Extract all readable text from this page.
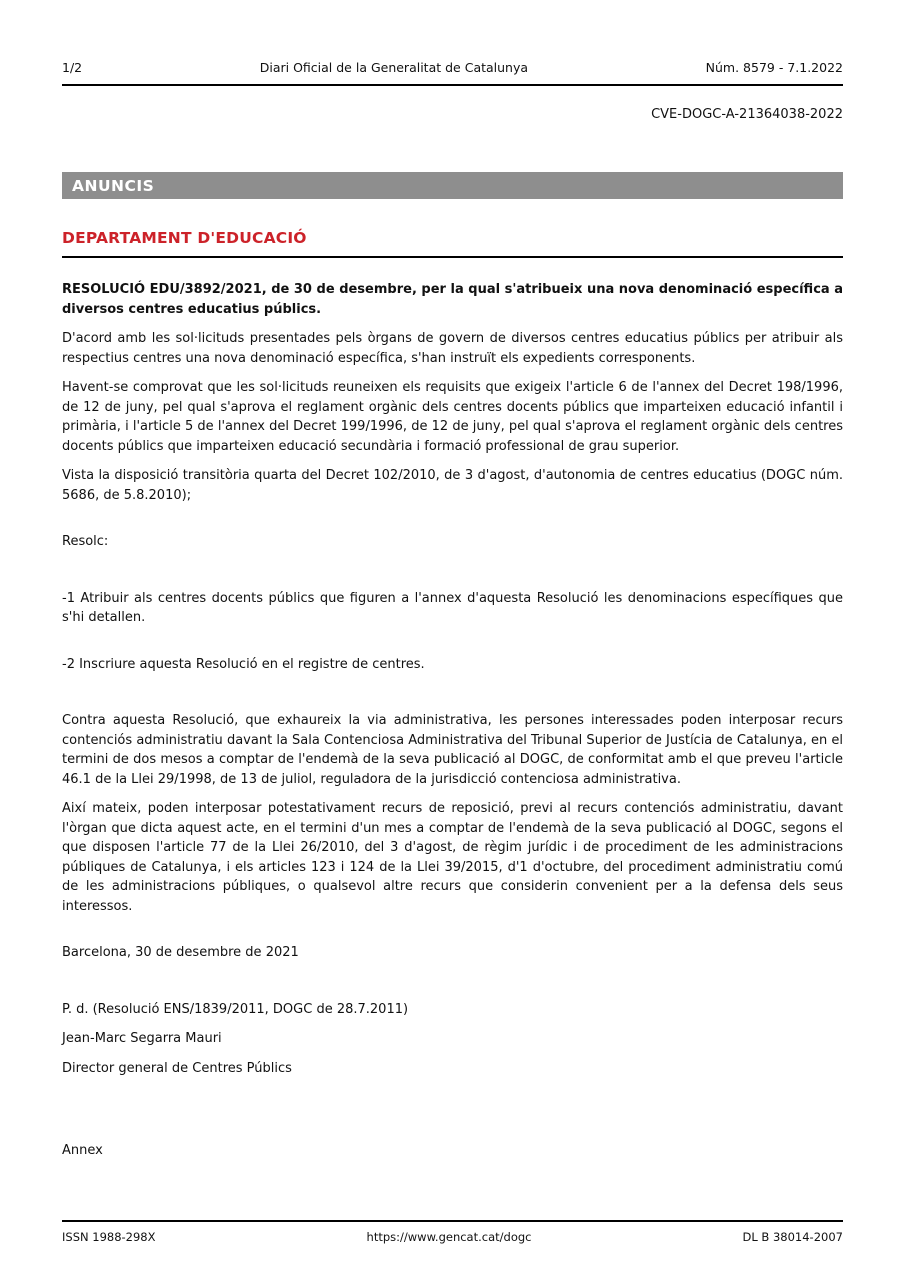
1/2	Diari Oficial de la Generalitat de Catalunya	Núm. 8579 - 7.1.2022
CVE-DOGC-A-21364038-2022
ANUNCIS
DEPARTAMENT D'EDUCACIÓ

RESOLUCIÓ EDU/3892/2021, de 30 de desembre, per la qual s'atribueix una nova denominació específica a diversos centres educatius públics.

D'acord amb les sol·licituds presentades pels òrgans de govern de diversos centres educatius públics per atribuir als respectius centres una nova denominació específica, s'han instruït els expedients corresponents.

Havent-se comprovat que les sol·licituds reuneixen els requisits que exigeix l'article 6 de l'annex del Decret 198/1996, de 12 de juny, pel qual s'aprova el reglament orgànic dels centres docents públics que imparteixen educació infantil i primària, i l'article 5 de l'annex del Decret 199/1996, de 12 de juny, pel qual s'aprova el reglament orgànic dels centres docents públics que imparteixen educació secundària i formació professional de grau superior.

Vista la disposició transitòria quarta del Decret 102/2010, de 3 d'agost, d'autonomia de centres educatius (DOGC núm. 5686, de 5.8.2010);

Resolc:

-1 Atribuir als centres docents públics que figuren a l'annex d'aquesta Resolució les denominacions específiques que s'hi detallen.

-2 Inscriure aquesta Resolució en el registre de centres.

Contra aquesta Resolució, que exhaureix la via administrativa, les persones interessades poden interposar recurs contenciós administratiu davant la Sala Contenciosa Administrativa del Tribunal Superior de Justícia de Catalunya, en el termini de dos mesos a comptar de l'endemà de la seva publicació al DOGC, de conformitat amb el que preveu l'article 46.1 de la Llei 29/1998, de 13 de juliol, reguladora de la jurisdicció contenciosa administrativa.

Així mateix, poden interposar potestativament recurs de reposició, previ al recurs contenciós administratiu, davant l'òrgan que dicta aquest acte, en el termini d'un mes a comptar de l'endemà de la seva publicació al DOGC, segons el que disposen l'article 77 de la Llei 26/2010, del 3 d'agost, de règim jurídic i de procediment de les administracions públiques de Catalunya, i els articles 123 i 124 de la Llei 39/2015, d'1 d'octubre, del procediment administratiu comú de les administracions públiques, o qualsevol altre recurs que considerin convenient per a la defensa dels seus interessos.

Barcelona, 30 de desembre de 2021

P. d. (Resolució ENS/1839/2011, DOGC de 28.7.2011)

Jean-Marc Segarra Mauri

Director general de Centres Públics

Annex

ISSN 1988-298X	https://www.gencat.cat/dogc	DL B 38014-2007
